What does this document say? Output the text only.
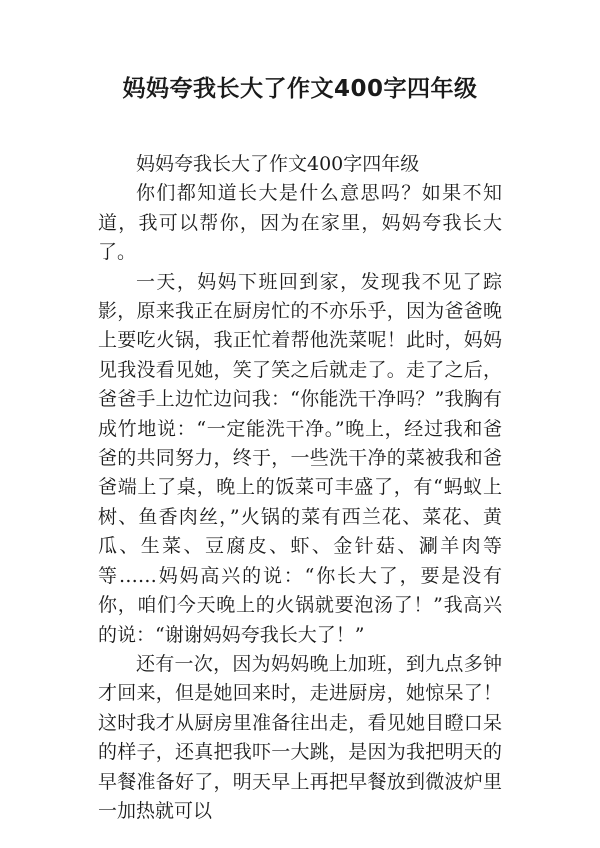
妈妈夸我长大了作文400字四年级

妈妈夸我长大了作文400字四年级

你们都知道长大是什么意思吗？如果不知道，我可以帮你，因为在家里，妈妈夸我长大了。

一天，妈妈下班回到家，发现我不见了踪影，原来我正在厨房忙的不亦乐乎，因为爸爸晚上要吃火锅，我正忙着帮他洗菜呢！此时，妈妈见我没看见她，笑了笑之后就走了。走了之后，爸爸手上边忙边问我：“你能洗干净吗？”我胸有成竹地说：“一定能洗干净。”晚上，经过我和爸爸的共同努力，终于，一些洗干净的菜被我和爸爸端上了桌，晚上的饭菜可丰盛了，有“蚂蚁上树、鱼香肉丝，”火锅的菜有西兰花、菜花、黄瓜、生菜、豆腐皮、虾、金针菇、涮羊肉等等……妈妈高兴的说：“你长大了，要是没有你，咱们今天晚上的火锅就要泡汤了！”我高兴的说：“谢谢妈妈夸我长大了！”

还有一次，因为妈妈晚上加班，到九点多钟才回来，但是她回来时，走进厨房，她惊呆了！这时我才从厨房里准备往出走，看见她目瞪口呆的样子，还真把我吓一大跳，是因为我把明天的早餐准备好了，明天早上再把早餐放到微波炉里一加热就可以
